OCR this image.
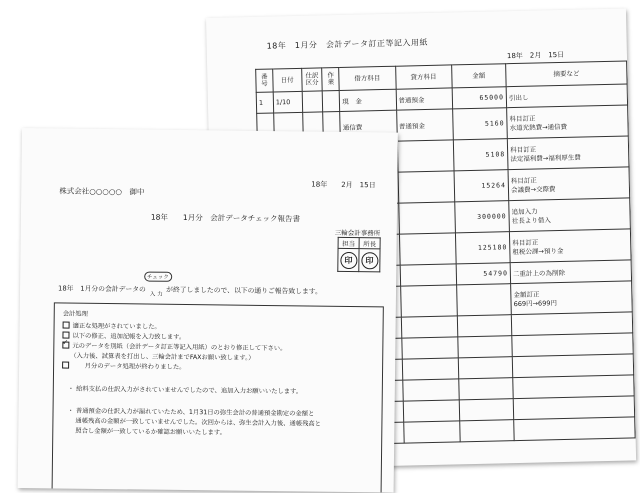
18年　1月分　会計データ訂正等記入用紙
18年　2月　15日
番号	日付	仕訳区分	作業	借方科目	貸方科目	金額	摘要など
1	1/10			現　金	普通預金	65000	引出し

				通信費	普通預金	5160	科目訂正
水道光熱費→通信費

						5108	科目訂正
法定福利費→福利厚生費

						15264	科目訂正
会議費→交際費

						300000	追加入力
社長より借入

						125180	科目訂正
租税公課→預り金

						54790	二重計上の為削除

							金額訂正
669円→699円

株式会社○○○○○　御中
18年　　2月　15日
18年　　1月分　会計データチェック報告書
三輪会計事務所
担当	所長
印	印
18年　1月分の会計データの
チェック
入力
　　　 が終了しましたので、以下の通りご報告致します。
会計処理
適正な処理がされていました。
以下の修正、追加記帳を入力致します。
✓元のデータを別紙（会計データ訂正等記入用紙）のとおり修正して下さい。
（入力後、試算表を打出し、三輪会計までFAXお願い致します。）
　　月分のデータ処理が終わりました。
・ 給料支払の仕訳入力がされていませんでしたので、追加入力お願いいたします。
・ 普通預金の仕訳入力が漏れていたため、1月31日の弥生会計の普通預金勘定の金額と
通帳残高の金額が一致していませんでした。次回からは、弥生会計入力後、通帳残高と
照合し金額が一致しているか確認お願いいたします。
